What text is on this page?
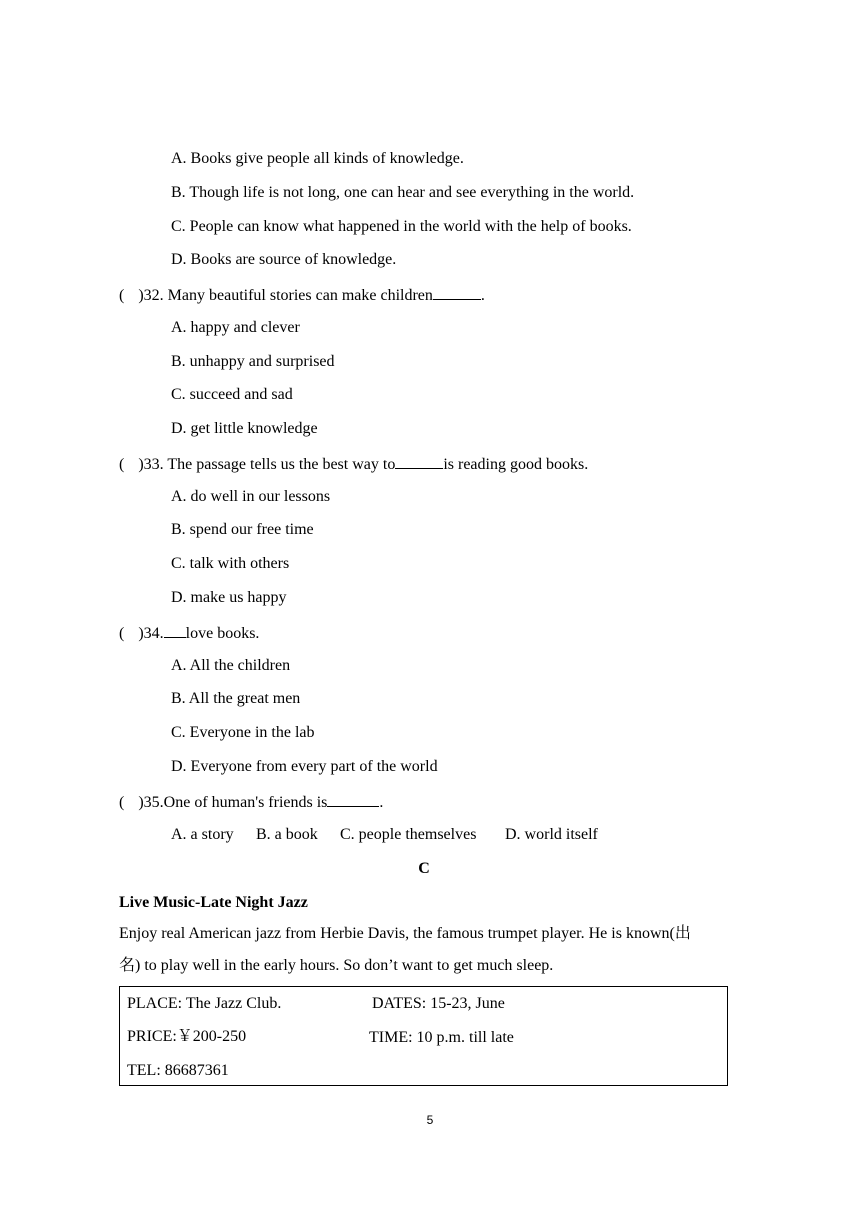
A. Books give people all kinds of knowledge.
B. Though life is not long, one can hear and see everything in the world.
C. People can know what happened in the world with the help of books.
D. Books are source of knowledge.
( )32. Many beautiful stories can make children	.
A. happy and clever
B. unhappy and surprised
C. succeed and sad
D. get little knowledge
( )33. The passage tells us the best way to	is reading good books.
A. do well in our lessons
B. spend our free time
C. talk with others
D. make us happy
( )34. love books.
A. All the children
B. All the great men
C. Everyone in the lab
D. Everyone from every part of the world
( )35.One of human's friends is	.
A. a story B. a book C. people themselves D. world itself
C
Live Music-Late Night Jazz
Enjoy real American jazz from Herbie Davis, the famous trumpet player. He is known(出
名) to play well in the early hours. So don’t want to get much sleep.
PLACE: The Jazz Club.	DATES: 15-23, June
PRICE:￥200-250	TIME: 10 p.m. till late
TEL: 86687361
5
